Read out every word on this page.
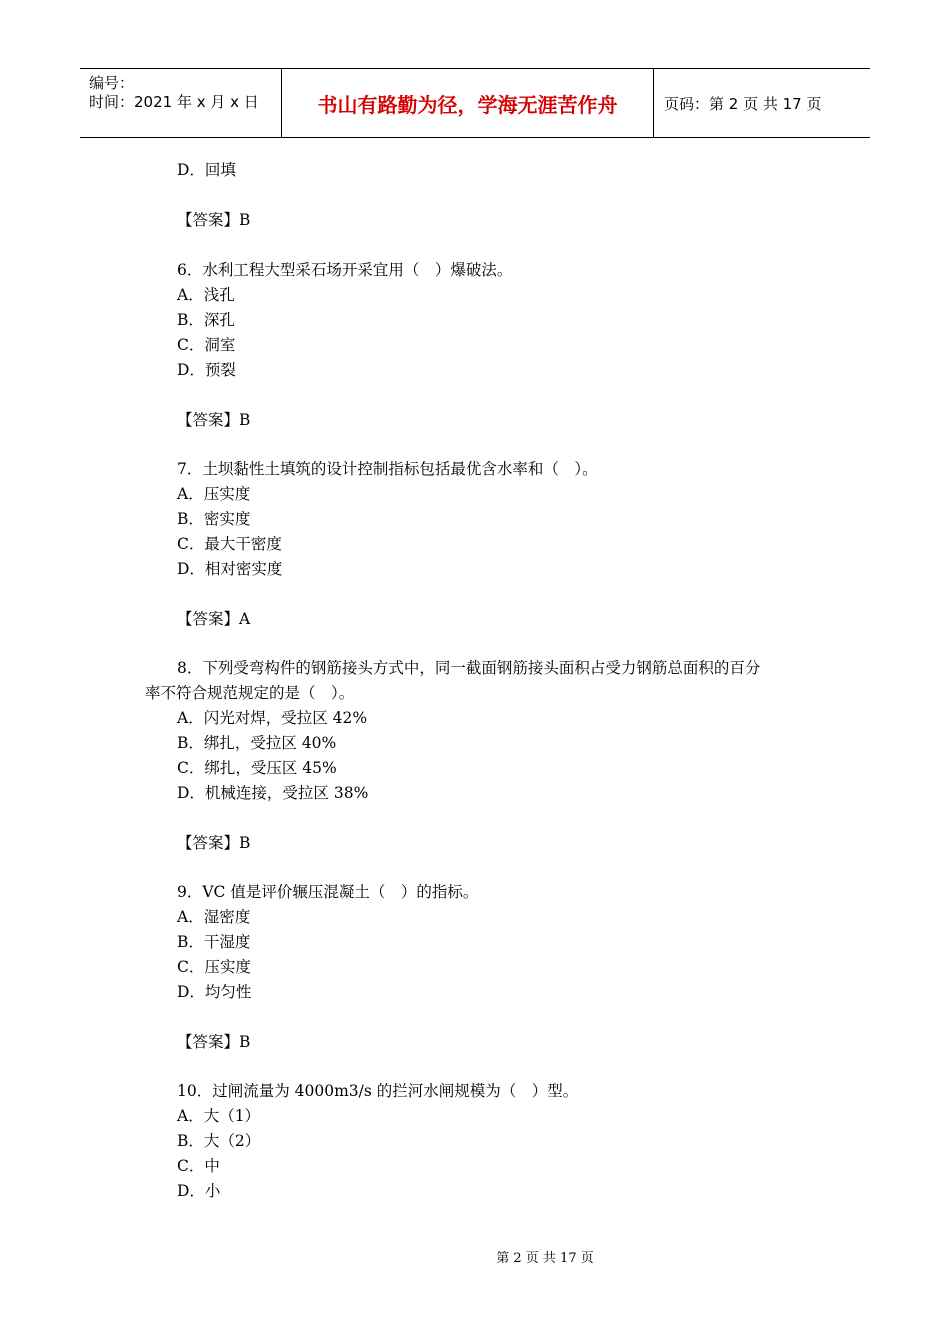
编号：
时间：2021 年 x 月 x 日	书山有路勤为径，学海无涯苦作舟	页码：第 2 页 共 17 页
D．回填
【答案】B
6．水利工程大型采石场开采宜用（　）爆破法。
A．浅孔
B．深孔
C．洞室
D．预裂
【答案】B
7．土坝黏性土填筑的设计控制指标包括最优含水率和（　）。
A．压实度
B．密实度
C．最大干密度
D．相对密实度
【答案】A
8．下列受弯构件的钢筋接头方式中，同一截面钢筋接头面积占受力钢筋总面积的百分
率不符合规范规定的是（　）。
A．闪光对焊，受拉区 42%
B．绑扎，受拉区 40%
C．绑扎，受压区 45%
D．机械连接，受拉区 38%
【答案】B
9．VC 值是评价辗压混凝土（　）的指标。
A．湿密度
B．干湿度
C．压实度
D．均匀性
【答案】B
10．过闸流量为 4000m3/s 的拦河水闸规模为（　）型。
A．大（1）
B．大（2）
C．中
D．小
第 2 页 共 17 页
